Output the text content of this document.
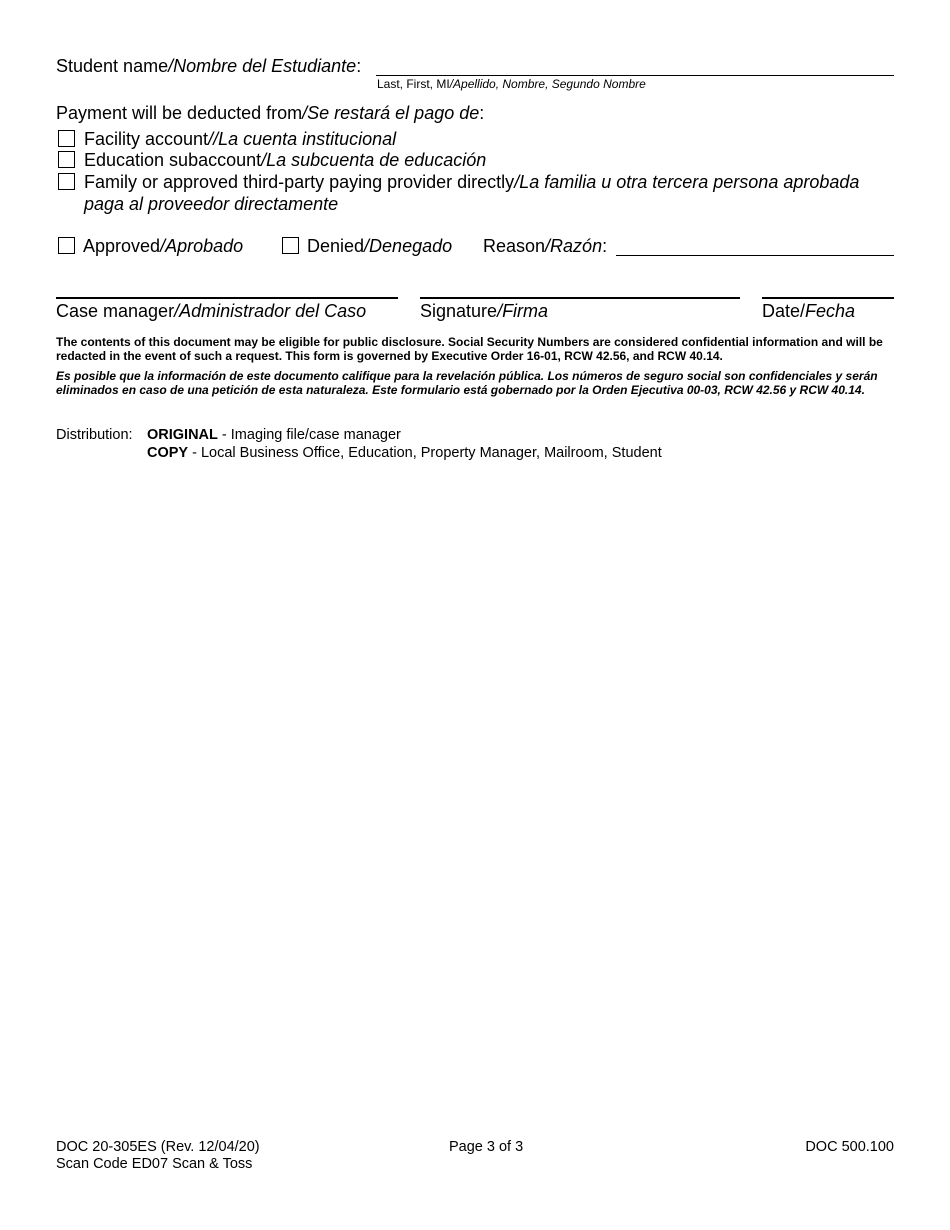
Student name/Nombre del Estudiante:
Last, First, MI/Apellido, Nombre, Segundo Nombre
Payment will be deducted from/Se restará el pago de:
Facility account//La cuenta institucional
Education subaccount/La subcuenta de educación
Family or approved third-party paying provider directly/La familia u otra tercera persona aprobada
paga al proveedor directamente
Approved/Aprobado	Denied/Denegado Reason/Razón:
Case manager/Administrador del Caso	Signature/Firma	Date/Fecha
The contents of this document may be eligible for public disclosure. Social Security Numbers are considered confidential information and will be redacted in the event of such a request. This form is governed by Executive Order 16-01, RCW 42.56, and RCW 40.14.
Es posible que la información de este documento califique para la revelación pública. Los números de seguro social son confidenciales y serán eliminados en caso de una petición de esta naturaleza. Este formulario está gobernado por la Orden Ejecutiva 00-03, RCW 42.56 y RCW 40.14.
Distribution: ORIGINAL - Imaging file/case manager
COPY - Local Business Office, Education, Property Manager, Mailroom, Student
DOC 20-305ES (Rev. 12/04/20)
Scan Code ED07 Scan & Toss
Page 3 of 3	DOC 500.100
